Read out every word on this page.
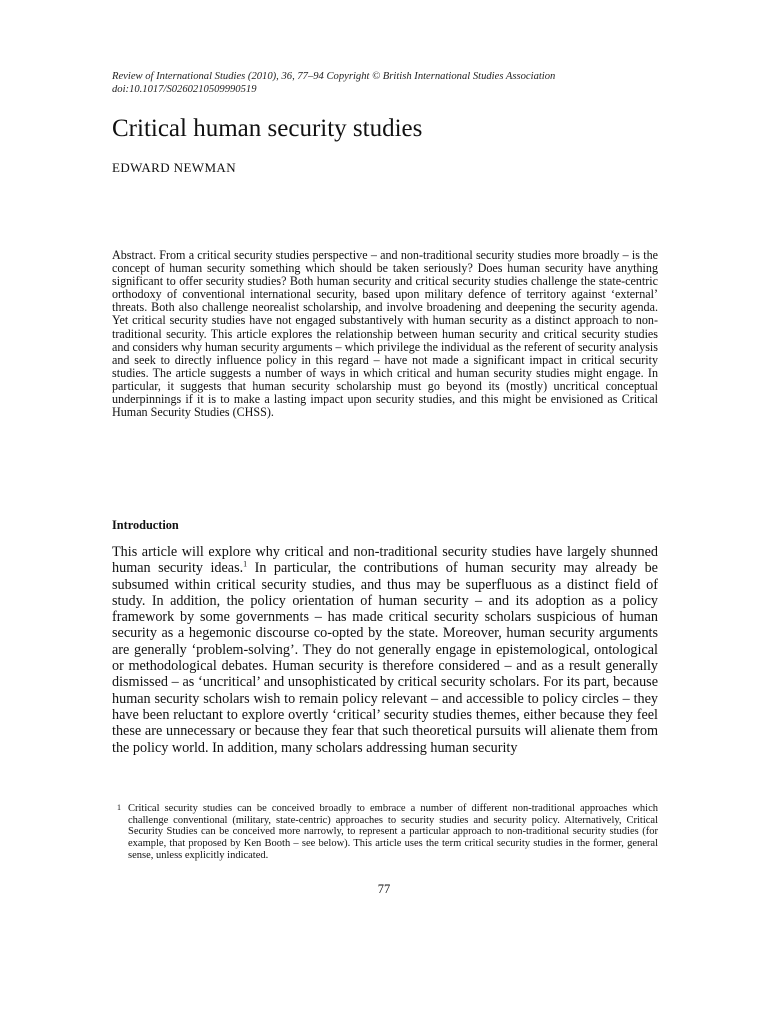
Review of International Studies (2010), 36, 77–94 Copyright © British International Studies Association
doi:10.1017/S0260210509990519
Critical human security studies
EDWARD NEWMAN

Abstract. From a critical security studies perspective – and non-traditional security studies more broadly – is the concept of human security something which should be taken seriously? Does human security have anything significant to offer security studies? Both human security and critical security studies challenge the state-centric orthodoxy of conventional international security, based upon military defence of territory against ‘external’ threats. Both also challenge neorealist scholarship, and involve broadening and deepening the security agenda. Yet critical security studies have not engaged substantively with human security as a distinct approach to non-traditional security. This article explores the relationship between human security and critical security studies and considers why human security arguments – which privilege the individual as the referent of security analysis and seek to directly influence policy in this regard – have not made a significant impact in critical security studies. The article suggests a number of ways in which critical and human security studies might engage. In particular, it suggests that human security scholarship must go beyond its (mostly) uncritical conceptual underpinnings if it is to make a lasting impact upon security studies, and this might be envisioned as Critical Human Security Studies (CHSS).

Introduction

This article will explore why critical and non-traditional security studies have largely shunned human security ideas.$^1$ In particular, the contributions of human security may already be subsumed within critical security studies, and thus may be superfluous as a distinct field of study. In addition, the policy orientation of human security – and its adoption as a policy framework by some governments – has made critical security scholars suspicious of human security as a hegemonic discourse co-opted by the state. Moreover, human security arguments are generally ‘problem-solving’. They do not generally engage in epistemological, ontological or methodological debates. Human security is therefore considered – and as a result generally dismissed – as ‘uncritical’ and unsophisticated by critical security scholars. For its part, because human security scholars wish to remain policy relevant – and accessible to policy circles – they have been reluctant to explore overtly ‘critical’ security studies themes, either because they feel these are unnecessary or because they fear that such theoretical pursuits will alienate them from the policy world. In addition, many scholars addressing human security

1 Critical security studies can be conceived broadly to embrace a number of different non-traditional approaches which challenge conventional (military, state-centric) approaches to security studies and security policy. Alternatively, Critical Security Studies can be conceived more narrowly, to represent a particular approach to non-traditional security studies (for example, that proposed by Ken Booth – see below). This article uses the term critical security studies in the former, general sense, unless explicitly indicated.

77
